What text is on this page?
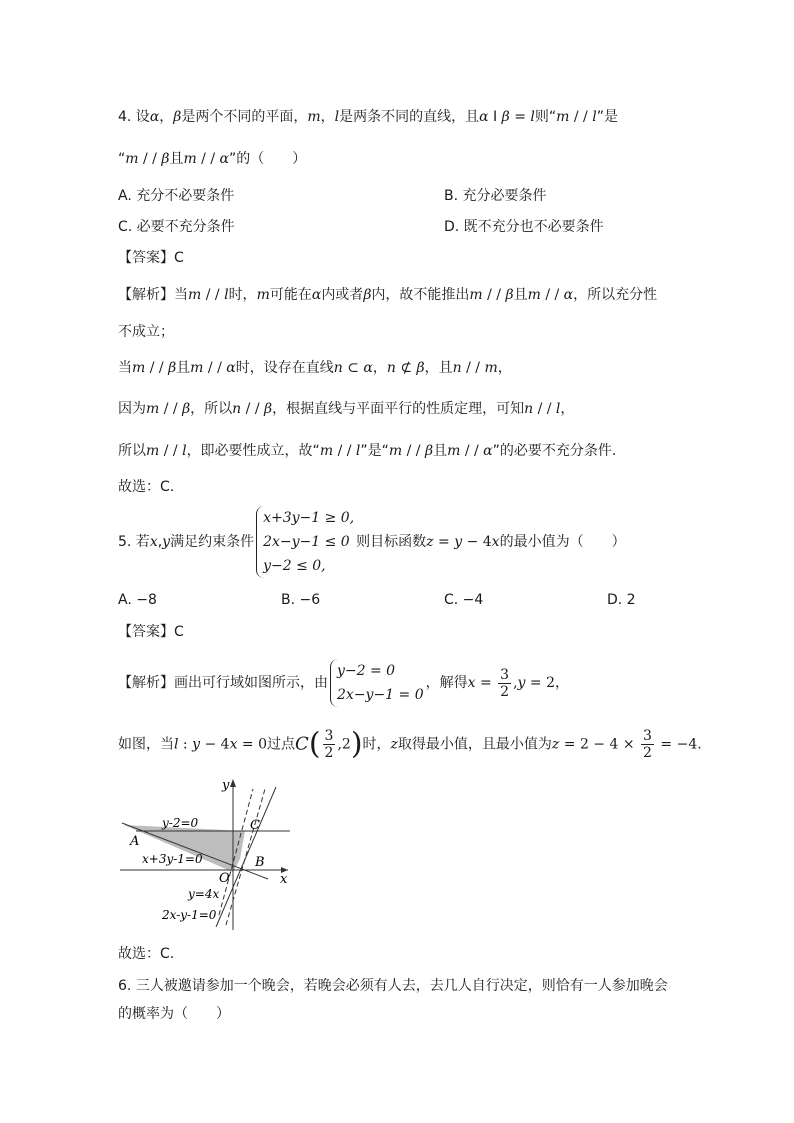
4. 设α，β是两个不同的平面，m，l是两条不同的直线，且α I β = l则“m / / l”是
“m / / β且m / / α”的（　　）
A. 充分不必要条件	B. 充分必要条件
C. 必要不充分条件	D. 既不充分也不必要条件
【答案】C
【解析】当m / / l时，m可能在α内或者β内，故不能推出m / / β且m / / α，所以充分性
不成立；
当m / / β且m / / α时，设存在直线n ⊂ α，n ⊄ β，且n / / m，
因为m / / β，所以n / / β，根据直线与平面平行的性质定理，可知n / / l，
所以m / / l，即必要性成立，故“m / / l”是“m / / β且m / / α”的必要不充分条件.
故选：C.
5. 若x,y满足约束条件
x+3y−1 ≥ 0,
2x−y−1 ≤ 0
y−2 ≤ 0,
则目标函数z = y − 4x的最小值为（　　）
A. −8	B. −6	C. −4	D. 2
【答案】C
【解析】画出可行域如图所示，由
y−2 = 0
2x−y−1 = 0
，解得$x = \frac{3}{2} ,y = 2$，
如图，当l : y − 4x = 0过点$C( \frac{3}{2} ,2)$时，z取得最小值，且最小值为$z = 2 - 4 \times \frac{3}{2} = -4$.
y
x
y-2=0
A
C
B
O
x+3y-1=0
y=4x
2x-y-1=0
故选：C.
6. 三人被邀请参加一个晚会，若晚会必须有人去，去几人自行决定，则恰有一人参加晚会
的概率为（　　）
